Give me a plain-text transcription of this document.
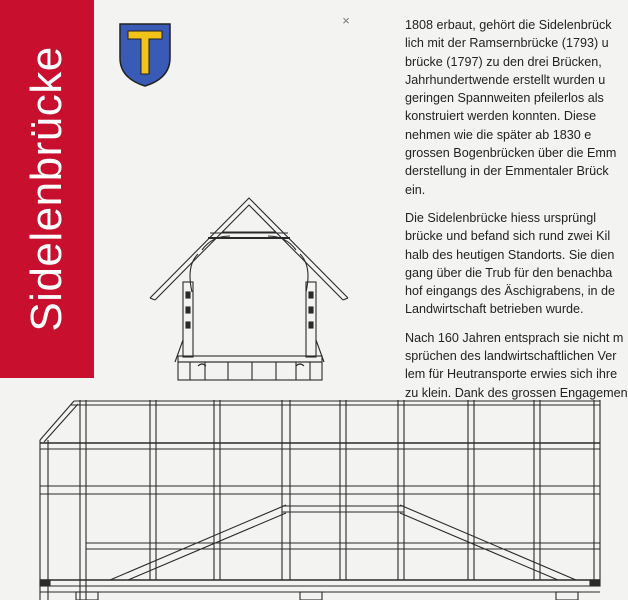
Sidelenbrücke
×	1808 erbaut, gehört die Sidelenbrück
lich mit der Ramsernbrücke (1793) u
brücke (1797) zu den drei Brücken,
Jahrhundertwende erstellt wurden u
geringen Spannweiten pfeilerlos als
konstruiert werden konnten. Diese
nehmen wie die später ab 1830 e
grossen Bogenbrücken über die Emm
derstellung in der Emmentaler Brück
ein.

Die Sidelenbrücke hiess ursprüngl
brücke und befand sich rund zwei Kil
halb des heutigen Standorts. Sie dien
gang über die Trub für den benachba
hof eingangs des Äschigrabens, in de
Landwirtschaft betrieben wurde.

Nach 160 Jahren entsprach sie nicht m
sprüchen des landwirtschaftlichen Ver
lem für Heutransporte erwies sich ihre
zu klein. Dank des grossen Engagemen
